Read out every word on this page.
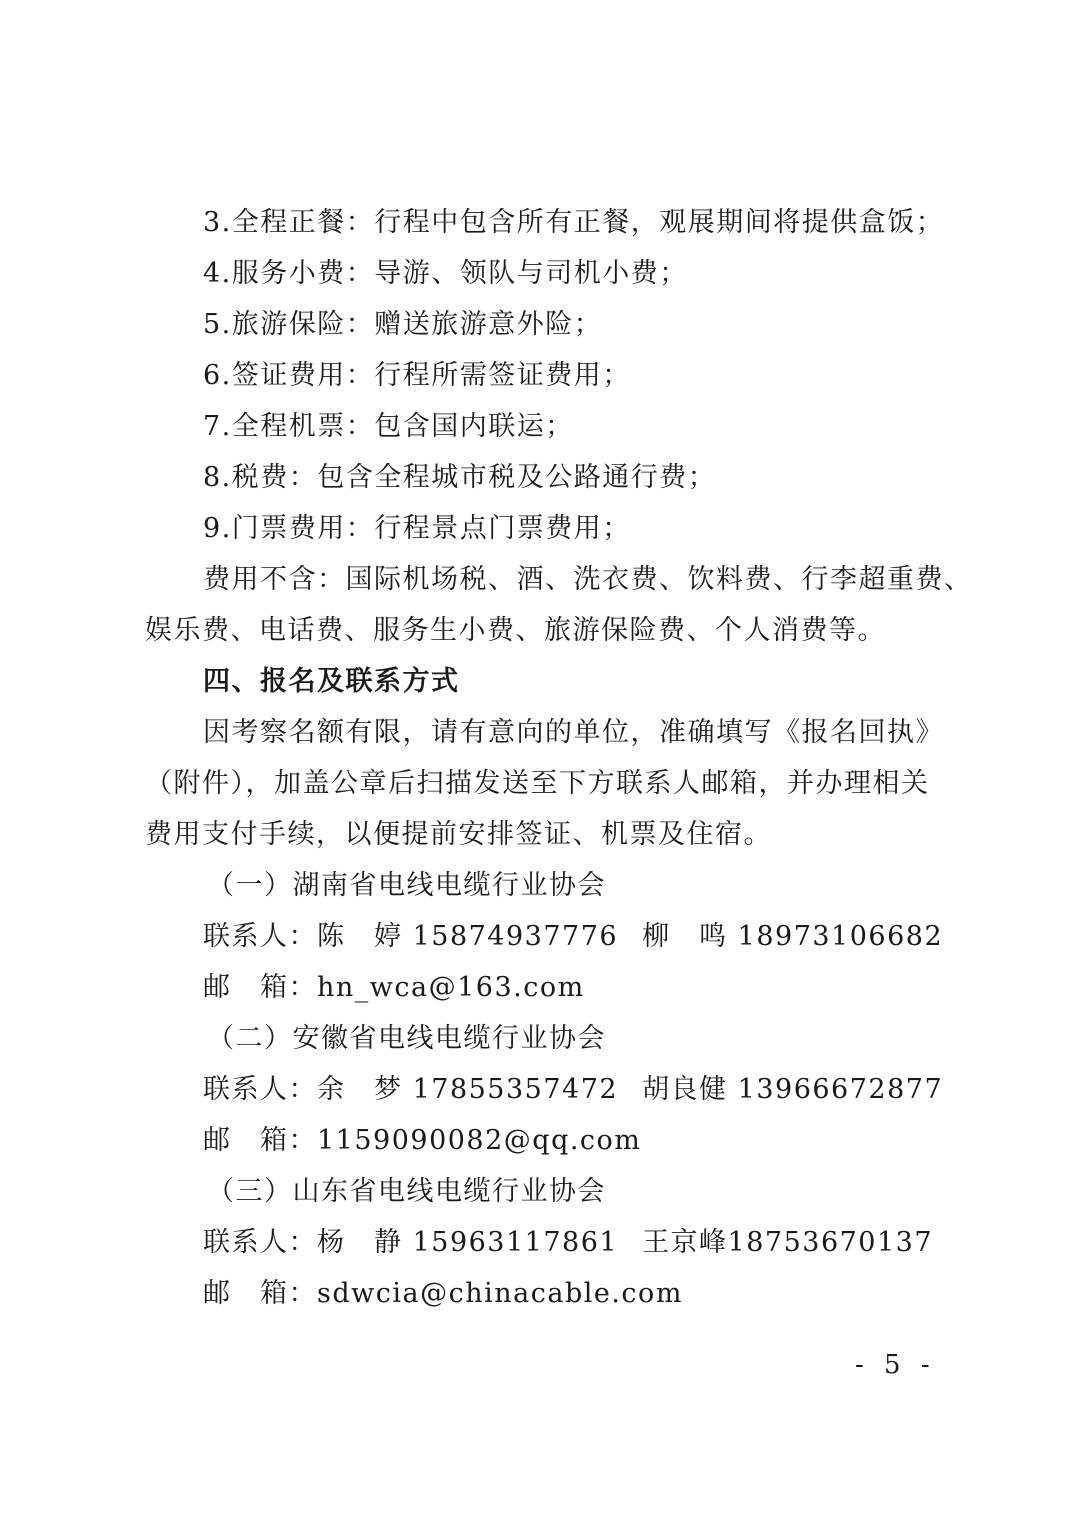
3.全程正餐：行程中包含所有正餐，观展期间将提供盒饭；
4.服务小费：导游、领队与司机小费；
5.旅游保险：赠送旅游意外险；
6.签证费用：行程所需签证费用；
7.全程机票：包含国内联运；
8.税费：包含全程城市税及公路通行费；
9.门票费用：行程景点门票费用；
费用不含：国际机场税、酒、洗衣费、饮料费、行李超重费、
娱乐费、电话费、服务生小费、旅游保险费、个人消费等。
四、报名及联系方式
因考察名额有限，请有意向的单位，准确填写《报名回执》
（附件），加盖公章后扫描发送至下方联系人邮箱，并办理相关
费用支付手续，以便提前安排签证、机票及住宿。
（一）湖南省电线电缆行业协会
联系人：陈　婷 15874937776 柳　鸣 18973106682
邮　箱：hn_wca@163.com
（二）安徽省电线电缆行业协会
联系人：余　梦 17855357472 胡良健 13966672877
邮　箱：1159090082@qq.com
（三）山东省电线电缆行业协会
联系人：杨　静 15963117861 王京峰18753670137
邮　箱：sdwcia@chinacable.com
- 5 -
